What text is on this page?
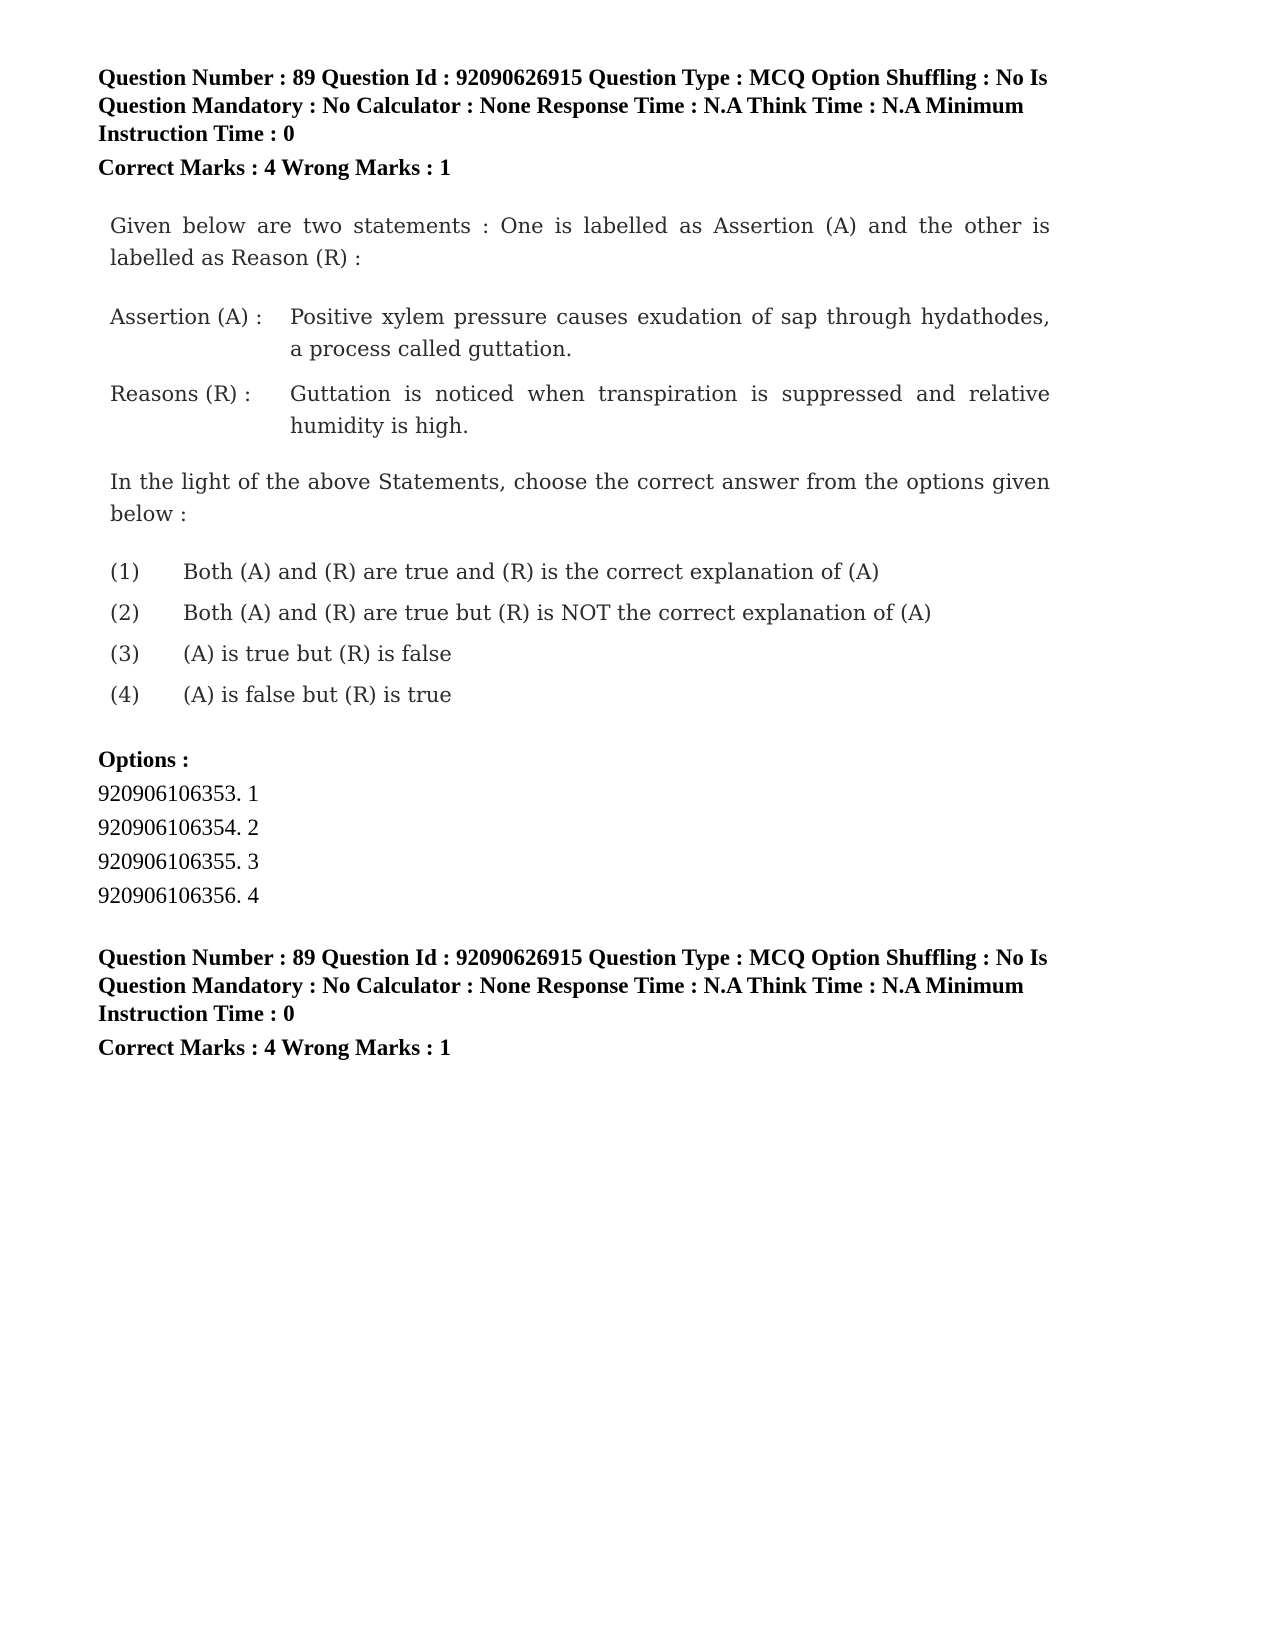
Question Number : 89 Question Id : 92090626915 Question Type : MCQ Option Shuffling : No Is
Question Mandatory : No Calculator : None Response Time : N.A Think Time : N.A Minimum
Instruction Time : 0
Correct Marks : 4 Wrong Marks : 1
Given below are two statements : One is labelled as Assertion (A) and the other is labelled as Reason (R) :
Assertion (A) :	Positive xylem pressure causes exudation of sap through hydathodes, a process called guttation.
Reasons (R) :	Guttation is noticed when transpiration is suppressed and relative humidity is high.
In the light of the above Statements, choose the correct answer from the options given below :
(1)	Both (A) and (R) are true and (R) is the correct explanation of (A)
(2)	Both (A) and (R) are true but (R) is NOT the correct explanation of (A)
(3)	(A) is true but (R) is false
(4)	(A) is false but (R) is true
Options :
920906106353. 1
920906106354. 2
920906106355. 3
920906106356. 4
Question Number : 89 Question Id : 92090626915 Question Type : MCQ Option Shuffling : No Is
Question Mandatory : No Calculator : None Response Time : N.A Think Time : N.A Minimum
Instruction Time : 0
Correct Marks : 4 Wrong Marks : 1
